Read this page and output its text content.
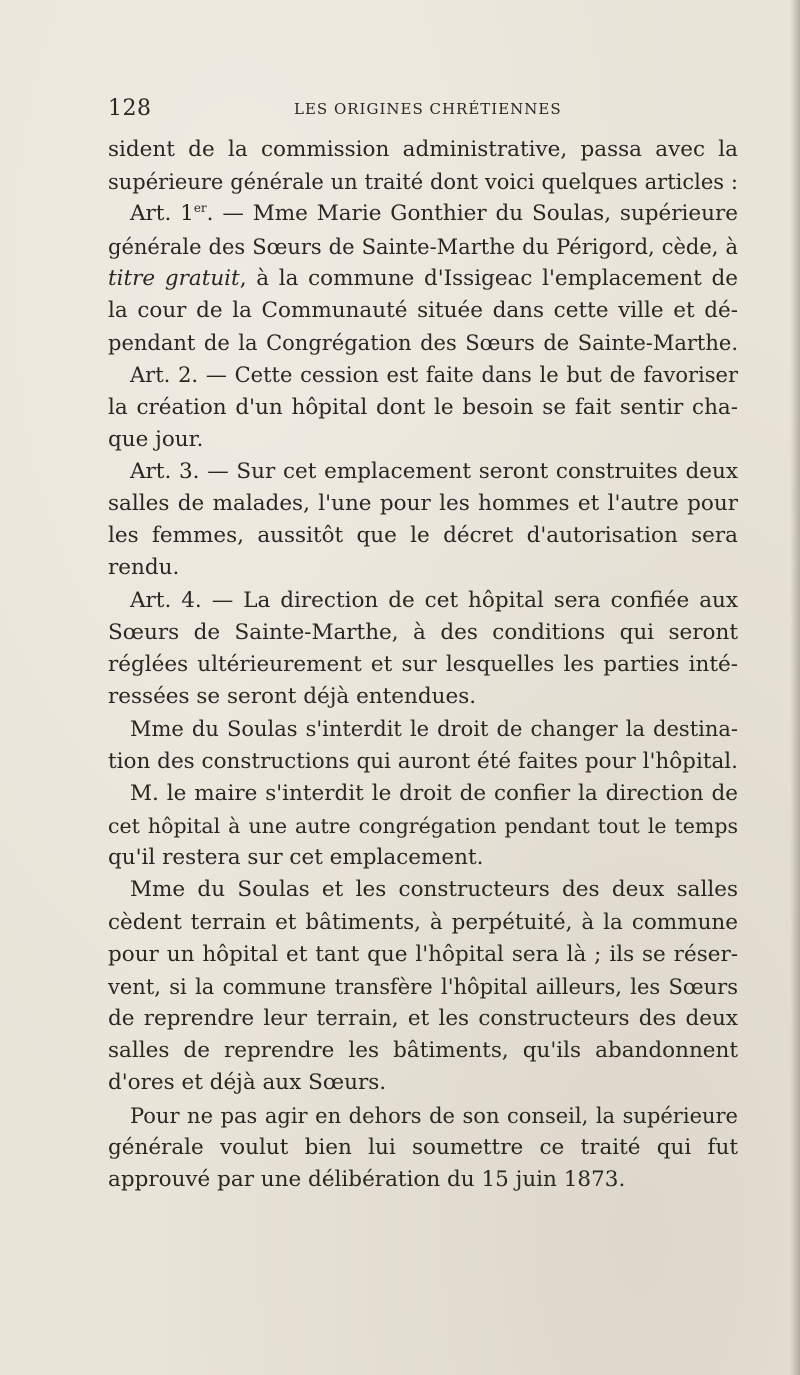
128	LES ORIGINES CHRÉTIENNES
sident de la commission administrative, passa avec la
supérieure générale un traité dont voici quelques articles :
Art. 1er. — Mme Marie Gonthier du Soulas, supérieure
générale des Sœurs de Sainte-Marthe du Périgord, cède, à
titre gratuit, à la commune d'Issigeac l'emplacement de
la cour de la Communauté située dans cette ville et dé-
pendant de la Congrégation des Sœurs de Sainte-Marthe.
Art. 2. — Cette cession est faite dans le but de favoriser
la création d'un hôpital dont le besoin se fait sentir cha-
que jour.
Art. 3. — Sur cet emplacement seront construites deux
salles de malades, l'une pour les hommes et l'autre pour
les femmes, aussitôt que le décret d'autorisation sera
rendu.
Art. 4. — La direction de cet hôpital sera confiée aux
Sœurs de Sainte-Marthe, à des conditions qui seront
réglées ultérieurement et sur lesquelles les parties inté-
ressées se seront déjà entendues.
Mme du Soulas s'interdit le droit de changer la destina-
tion des constructions qui auront été faites pour l'hôpital.
M. le maire s'interdit le droit de confier la direction de
cet hôpital à une autre congrégation pendant tout le temps
qu'il restera sur cet emplacement.
Mme du Soulas et les constructeurs des deux salles
cèdent terrain et bâtiments, à perpétuité, à la commune
pour un hôpital et tant que l'hôpital sera là ; ils se réser-
vent, si la commune transfère l'hôpital ailleurs, les Sœurs
de reprendre leur terrain, et les constructeurs des deux
salles de reprendre les bâtiments, qu'ils abandonnent
d'ores et déjà aux Sœurs.
Pour ne pas agir en dehors de son conseil, la supérieure
générale voulut bien lui soumettre ce traité qui fut
approuvé par une délibération du 15 juin 1873.
